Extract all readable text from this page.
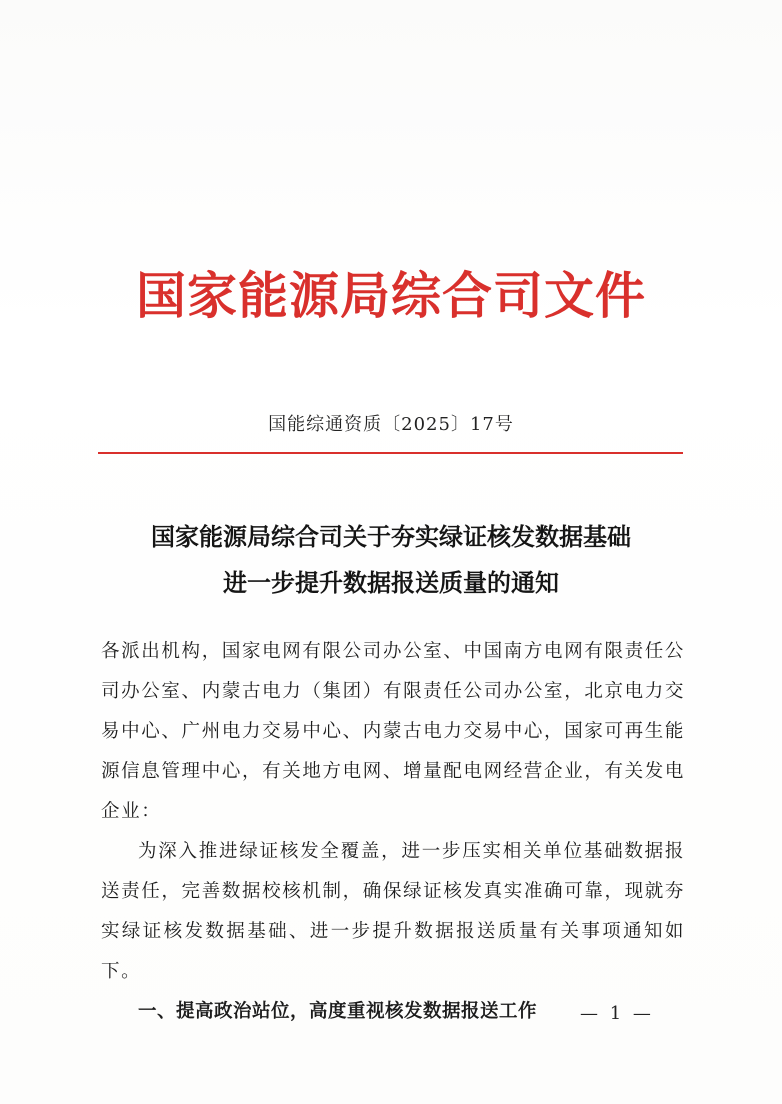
国家能源局综合司文件
国能综通资质〔2025〕17号
国家能源局综合司关于夯实绿证核发数据基础
进一步提升数据报送质量的通知

各派出机构，国家电网有限公司办公室、中国南方电网有限责任公司办公室、内蒙古电力（集团）有限责任公司办公室，北京电力交易中心、广州电力交易中心、内蒙古电力交易中心，国家可再生能源信息管理中心，有关地方电网、增量配电网经营企业，有关发电企业：

为深入推进绿证核发全覆盖，进一步压实相关单位基础数据报送责任，完善数据校核机制，确保绿证核发真实准确可靠，现就夯实绿证核发数据基础、进一步提升数据报送质量有关事项通知如下。

一、提高政治站位，高度重视核发数据报送工作	— 1 —
